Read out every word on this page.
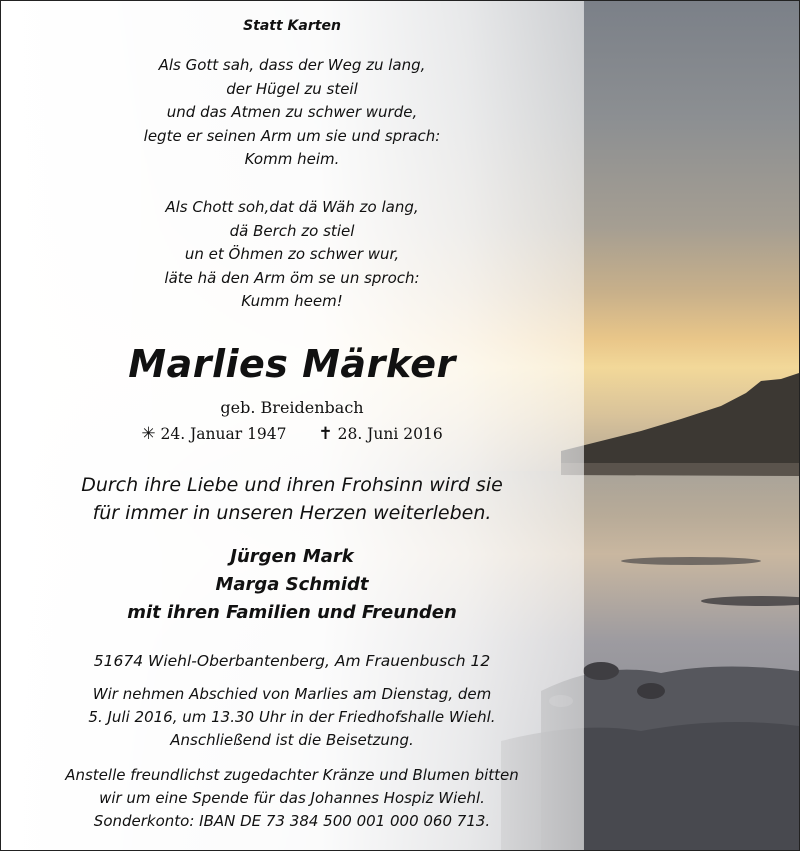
Statt Karten
Als Gott sah, dass der Weg zu lang,
der Hügel zu steil
und das Atmen zu schwer wurde,
legte er seinen Arm um sie und sprach:
Komm heim.
Als Chott soh,dat dä Wäh zo lang,
dä Berch zo stiel
un et Öhmen zo schwer wur,
läte hä den Arm öm se un sproch:
Kumm heem!
Marlies Märker
geb. Breidenbach
✳ 24. Januar 1947 ✝ 28. Juni 2016
Durch ihre Liebe und ihren Frohsinn wird sie
für immer in unseren Herzen weiterleben.
Jürgen Mark
Marga Schmidt
mit ihren Familien und Freunden
51674 Wiehl-Oberbantenberg, Am Frauenbusch 12
Wir nehmen Abschied von Marlies am Dienstag, dem
5. Juli 2016, um 13.30 Uhr in der Friedhofshalle Wiehl.
Anschließend ist die Beisetzung.
Anstelle freundlichst zugedachter Kränze und Blumen bitten
wir um eine Spende für das Johannes Hospiz Wiehl.
Sonderkonto: IBAN DE 73 384 500 001 000 060 713.
